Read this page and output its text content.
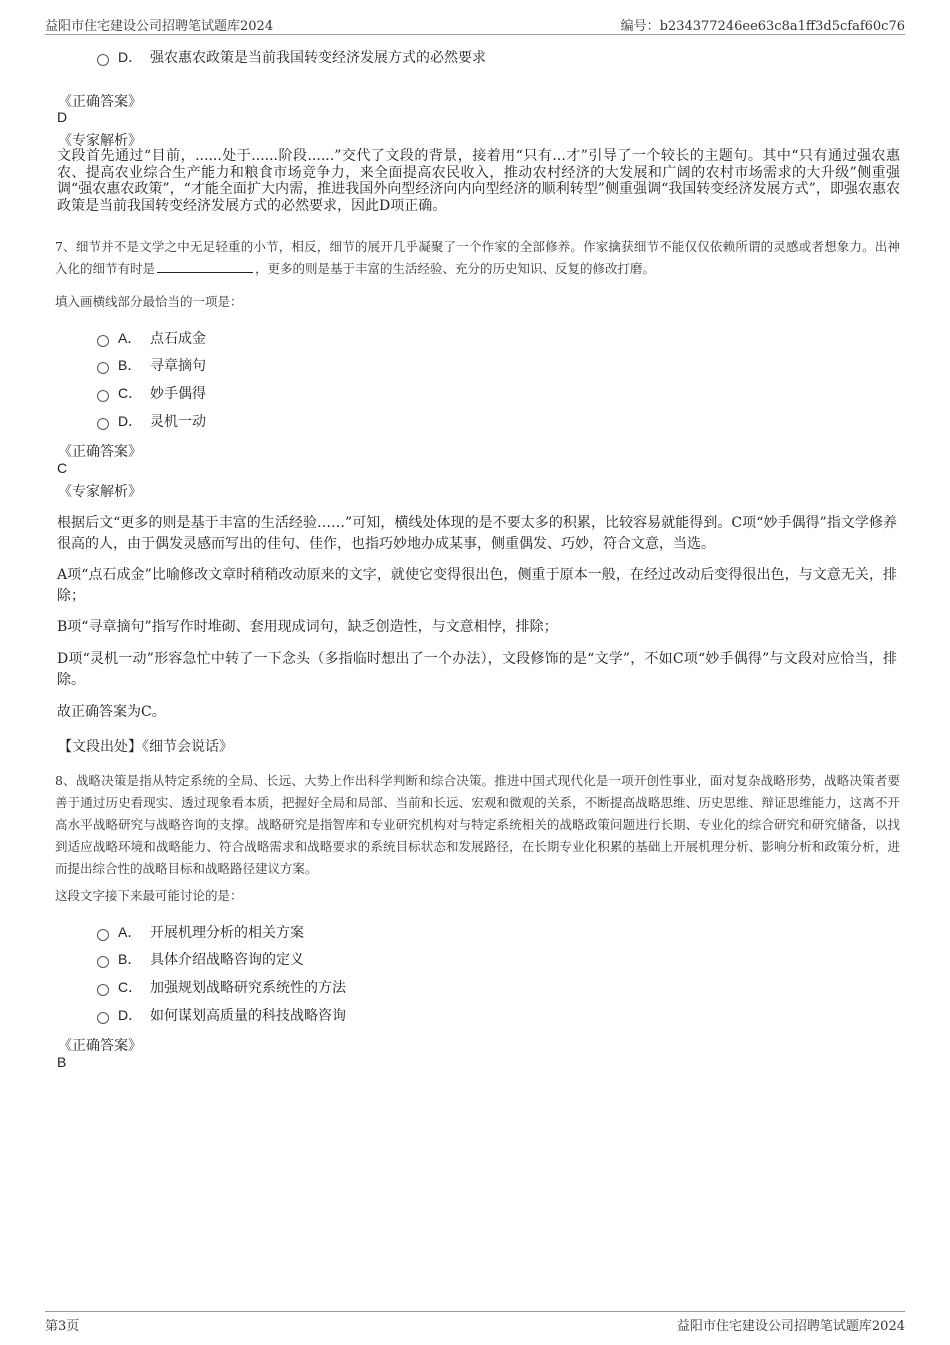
益阳市住宅建设公司招聘笔试题库2024	编号：b234377246ee63c8a1ff3d5cfaf60c76
D． 强农惠农政策是当前我国转变经济发展方式的必然要求
《正确答案》
D
《专家解析》
文段首先通过“目前，......处于......阶段......”交代了文段的背景，接着用“只有...才”引导了一个较长的主题句。其中“只有通过强农惠农、提高农业综合生产能力和粮食市场竞争力，来全面提高农民收入，推动农村经济的大发展和广阔的农村市场需求的大升级”侧重强调“强农惠农政策”，“才能全面扩大内需，推进我国外向型经济向内向型经济的顺利转型”侧重强调“我国转变经济发展方式”，即强农惠农政策是当前我国转变经济发展方式的必然要求，因此D项正确。
7、细节并不是文学之中无足轻重的小节，相反，细节的展开几乎凝聚了一个作家的全部修养。作家擒获细节不能仅仅依赖所谓的灵感或者想象力。出神入化的细节有时是	，更多的则是基于丰富的生活经验、充分的历史知识、反复的修改打磨。
填入画横线部分最恰当的一项是：
A． 点石成金
B． 寻章摘句
C． 妙手偶得
D． 灵机一动
《正确答案》
C
《专家解析》
根据后文“更多的则是基于丰富的生活经验……”可知，横线处体现的是不要太多的积累，比较容易就能得到。C项“妙手偶得”指文学修养很高的人，由于偶发灵感而写出的佳句、佳作，也指巧妙地办成某事，侧重偶发、巧妙，符合文意，当选。
A项“点石成金”比喻修改文章时稍稍改动原来的文字，就使它变得很出色，侧重于原本一般，在经过改动后变得很出色，与文意无关，排除；
B项“寻章摘句”指写作时堆砌、套用现成词句，缺乏创造性，与文意相悖，排除；
D项“灵机一动”形容急忙中转了一下念头（多指临时想出了一个办法），文段修饰的是“文学”，不如C项“妙手偶得”与文段对应恰当，排除。
故正确答案为C。
【文段出处】《细节会说话》
8、战略决策是指从特定系统的全局、长远、大势上作出科学判断和综合决策。推进中国式现代化是一项开创性事业，面对复杂战略形势，战略决策者要善于通过历史看现实、透过现象看本质，把握好全局和局部、当前和长远、宏观和微观的关系，不断提高战略思维、历史思维、辩证思维能力，这离不开高水平战略研究与战略咨询的支撑。战略研究是指智库和专业研究机构对与特定系统相关的战略政策问题进行长期、专业化的综合研究和研究储备，以找到适应战略环境和战略能力、符合战略需求和战略要求的系统目标状态和发展路径，在长期专业化积累的基础上开展机理分析、影响分析和政策分析，进而提出综合性的战略目标和战略路径建议方案。
这段文字接下来最可能讨论的是：
A． 开展机理分析的相关方案
B． 具体介绍战略咨询的定义
C． 加强规划战略研究系统性的方法
D． 如何谋划高质量的科技战略咨询
《正确答案》
B
第3页	益阳市住宅建设公司招聘笔试题库2024
